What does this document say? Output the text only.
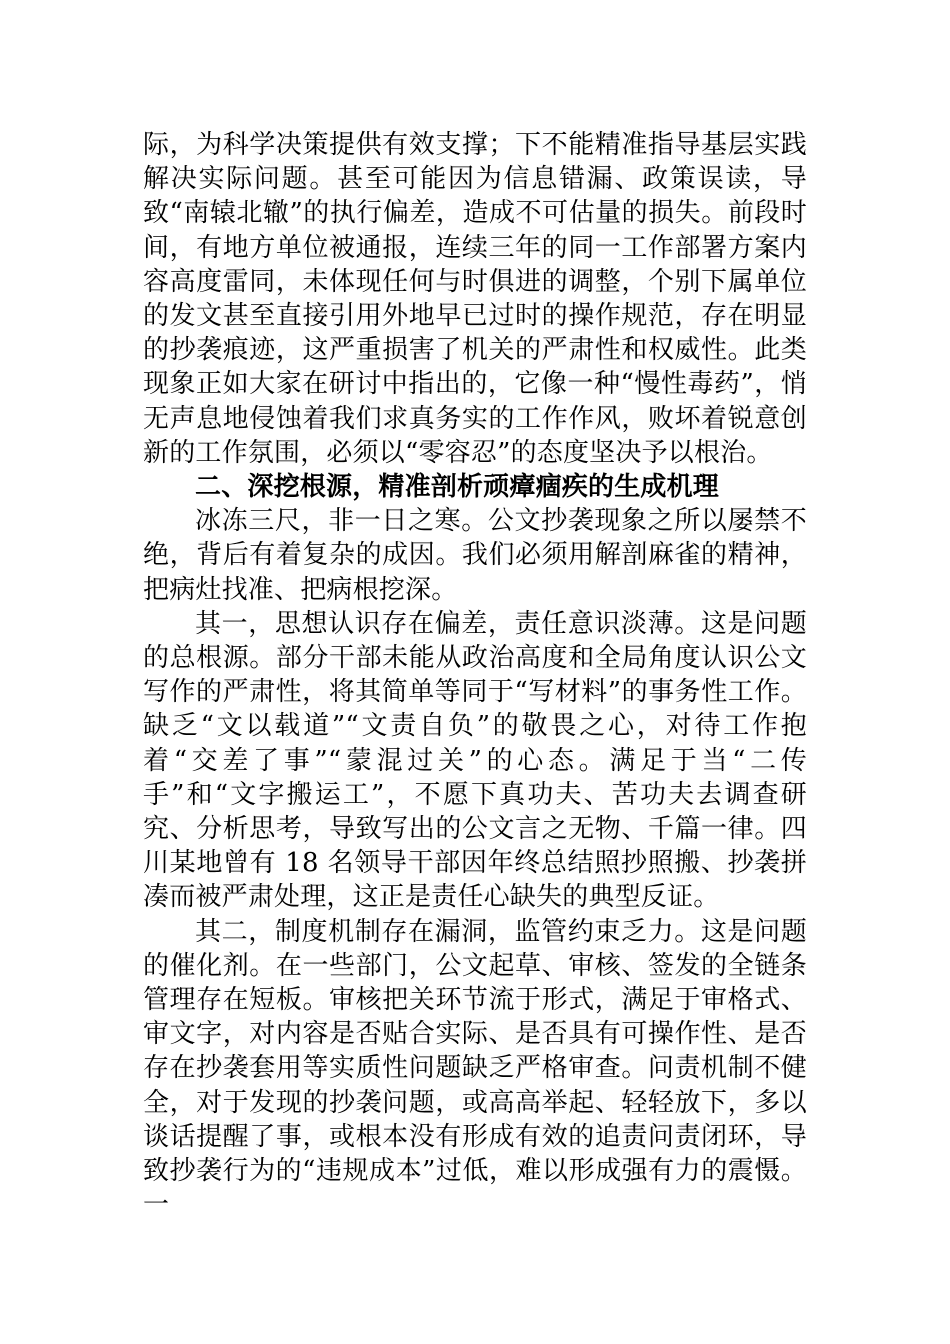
际，为科学决策提供有效支撑；下不能精准指导基层实践解决实际问题。甚至可能因为信息错漏、政策误读，导致“南辕北辙”的执行偏差，造成不可估量的损失。前段时间，有地方单位被通报，连续三年的同一工作部署方案内容高度雷同，未体现任何与时俱进的调整，个别下属单位的发文甚至直接引用外地早已过时的操作规范，存在明显的抄袭痕迹，这严重损害了机关的严肃性和权威性。此类现象正如大家在研讨中指出的，它像一种“慢性毒药”，悄无声息地侵蚀着我们求真务实的工作作风，败坏着锐意创新的工作氛围，必须以“零容忍”的态度坚决予以根治。

二、深挖根源，精准剖析顽瘴痼疾的生成机理

冰冻三尺，非一日之寒。公文抄袭现象之所以屡禁不绝，背后有着复杂的成因。我们必须用解剖麻雀的精神，把病灶找准、把病根挖深。

其一，思想认识存在偏差，责任意识淡薄。这是问题的总根源。部分干部未能从政治高度和全局角度认识公文写作的严肃性，将其简单等同于“写材料”的事务性工作。缺乏“文以载道”“文责自负”的敬畏之心，对待工作抱着“交差了事”“蒙混过关”的心态。满足于当“二传手”和“文字搬运工”，不愿下真功夫、苦功夫去调查研究、分析思考，导致写出的公文言之无物、千篇一律。四川某地曾有 18 名领导干部因年终总结照抄照搬、抄袭拼凑而被严肃处理，这正是责任心缺失的典型反证。

其二，制度机制存在漏洞，监管约束乏力。这是问题的催化剂。在一些部门，公文起草、审核、签发的全链条管理存在短板。审核把关环节流于形式，满足于审格式、审文字，对内容是否贴合实际、是否具有可操作性、是否存在抄袭套用等实质性问题缺乏严格审查。问责机制不健全，对于发现的抄袭问题，或高高举起、轻轻放下，多以谈话提醒了事，或根本没有形成有效的追责问责闭环，导致抄袭行为的“违规成本”过低，难以形成强有力的震慑。一
